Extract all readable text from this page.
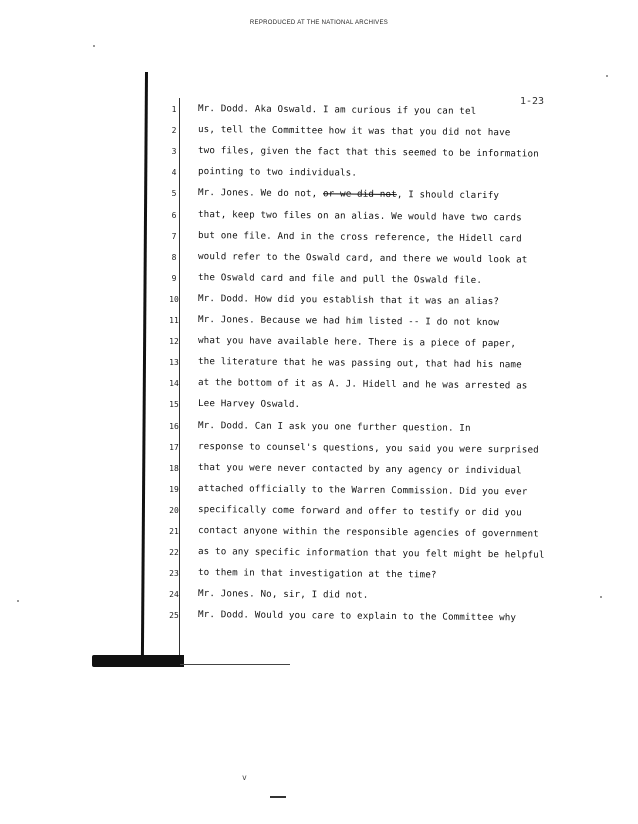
REPRODUCED AT THE NATIONAL ARCHIVES
1-23
1
2
3
4
5
6
7
8
9
10
11
12
13
14
15
16
17
18
19
20
21
22
23
24
25
Mr. Dodd. Aka Oswald. I am curious if you can tel
us, tell the Committee how it was that you did not have
two files, given the fact that this seemed to be information
pointing to two individuals.
Mr. Jones. We do not, or we did not, I should clarify
that, keep two files on an alias. We would have two cards
but one file. And in the cross reference, the Hidell card
would refer to the Oswald card, and there we would look at
the Oswald card and file and pull the Oswald file.
Mr. Dodd. How did you establish that it was an alias?
Mr. Jones. Because we had him listed -- I do not know
what you have available here. There is a piece of paper,
the literature that he was passing out, that had his name
at the bottom of it as A. J. Hidell and he was arrested as
Lee Harvey Oswald.
Mr. Dodd. Can I ask you one further question. In
response to counsel's questions, you said you were surprised
that you were never contacted by any agency or individual
attached officially to the Warren Commission. Did you ever
specifically come forward and offer to testify or did you
contact anyone within the responsible agencies of government
as to any specific information that you felt might be helpful
to them in that investigation at the time?
Mr. Jones. No, sir, I did not.
Mr. Dodd. Would you care to explain to the Committee why
v
